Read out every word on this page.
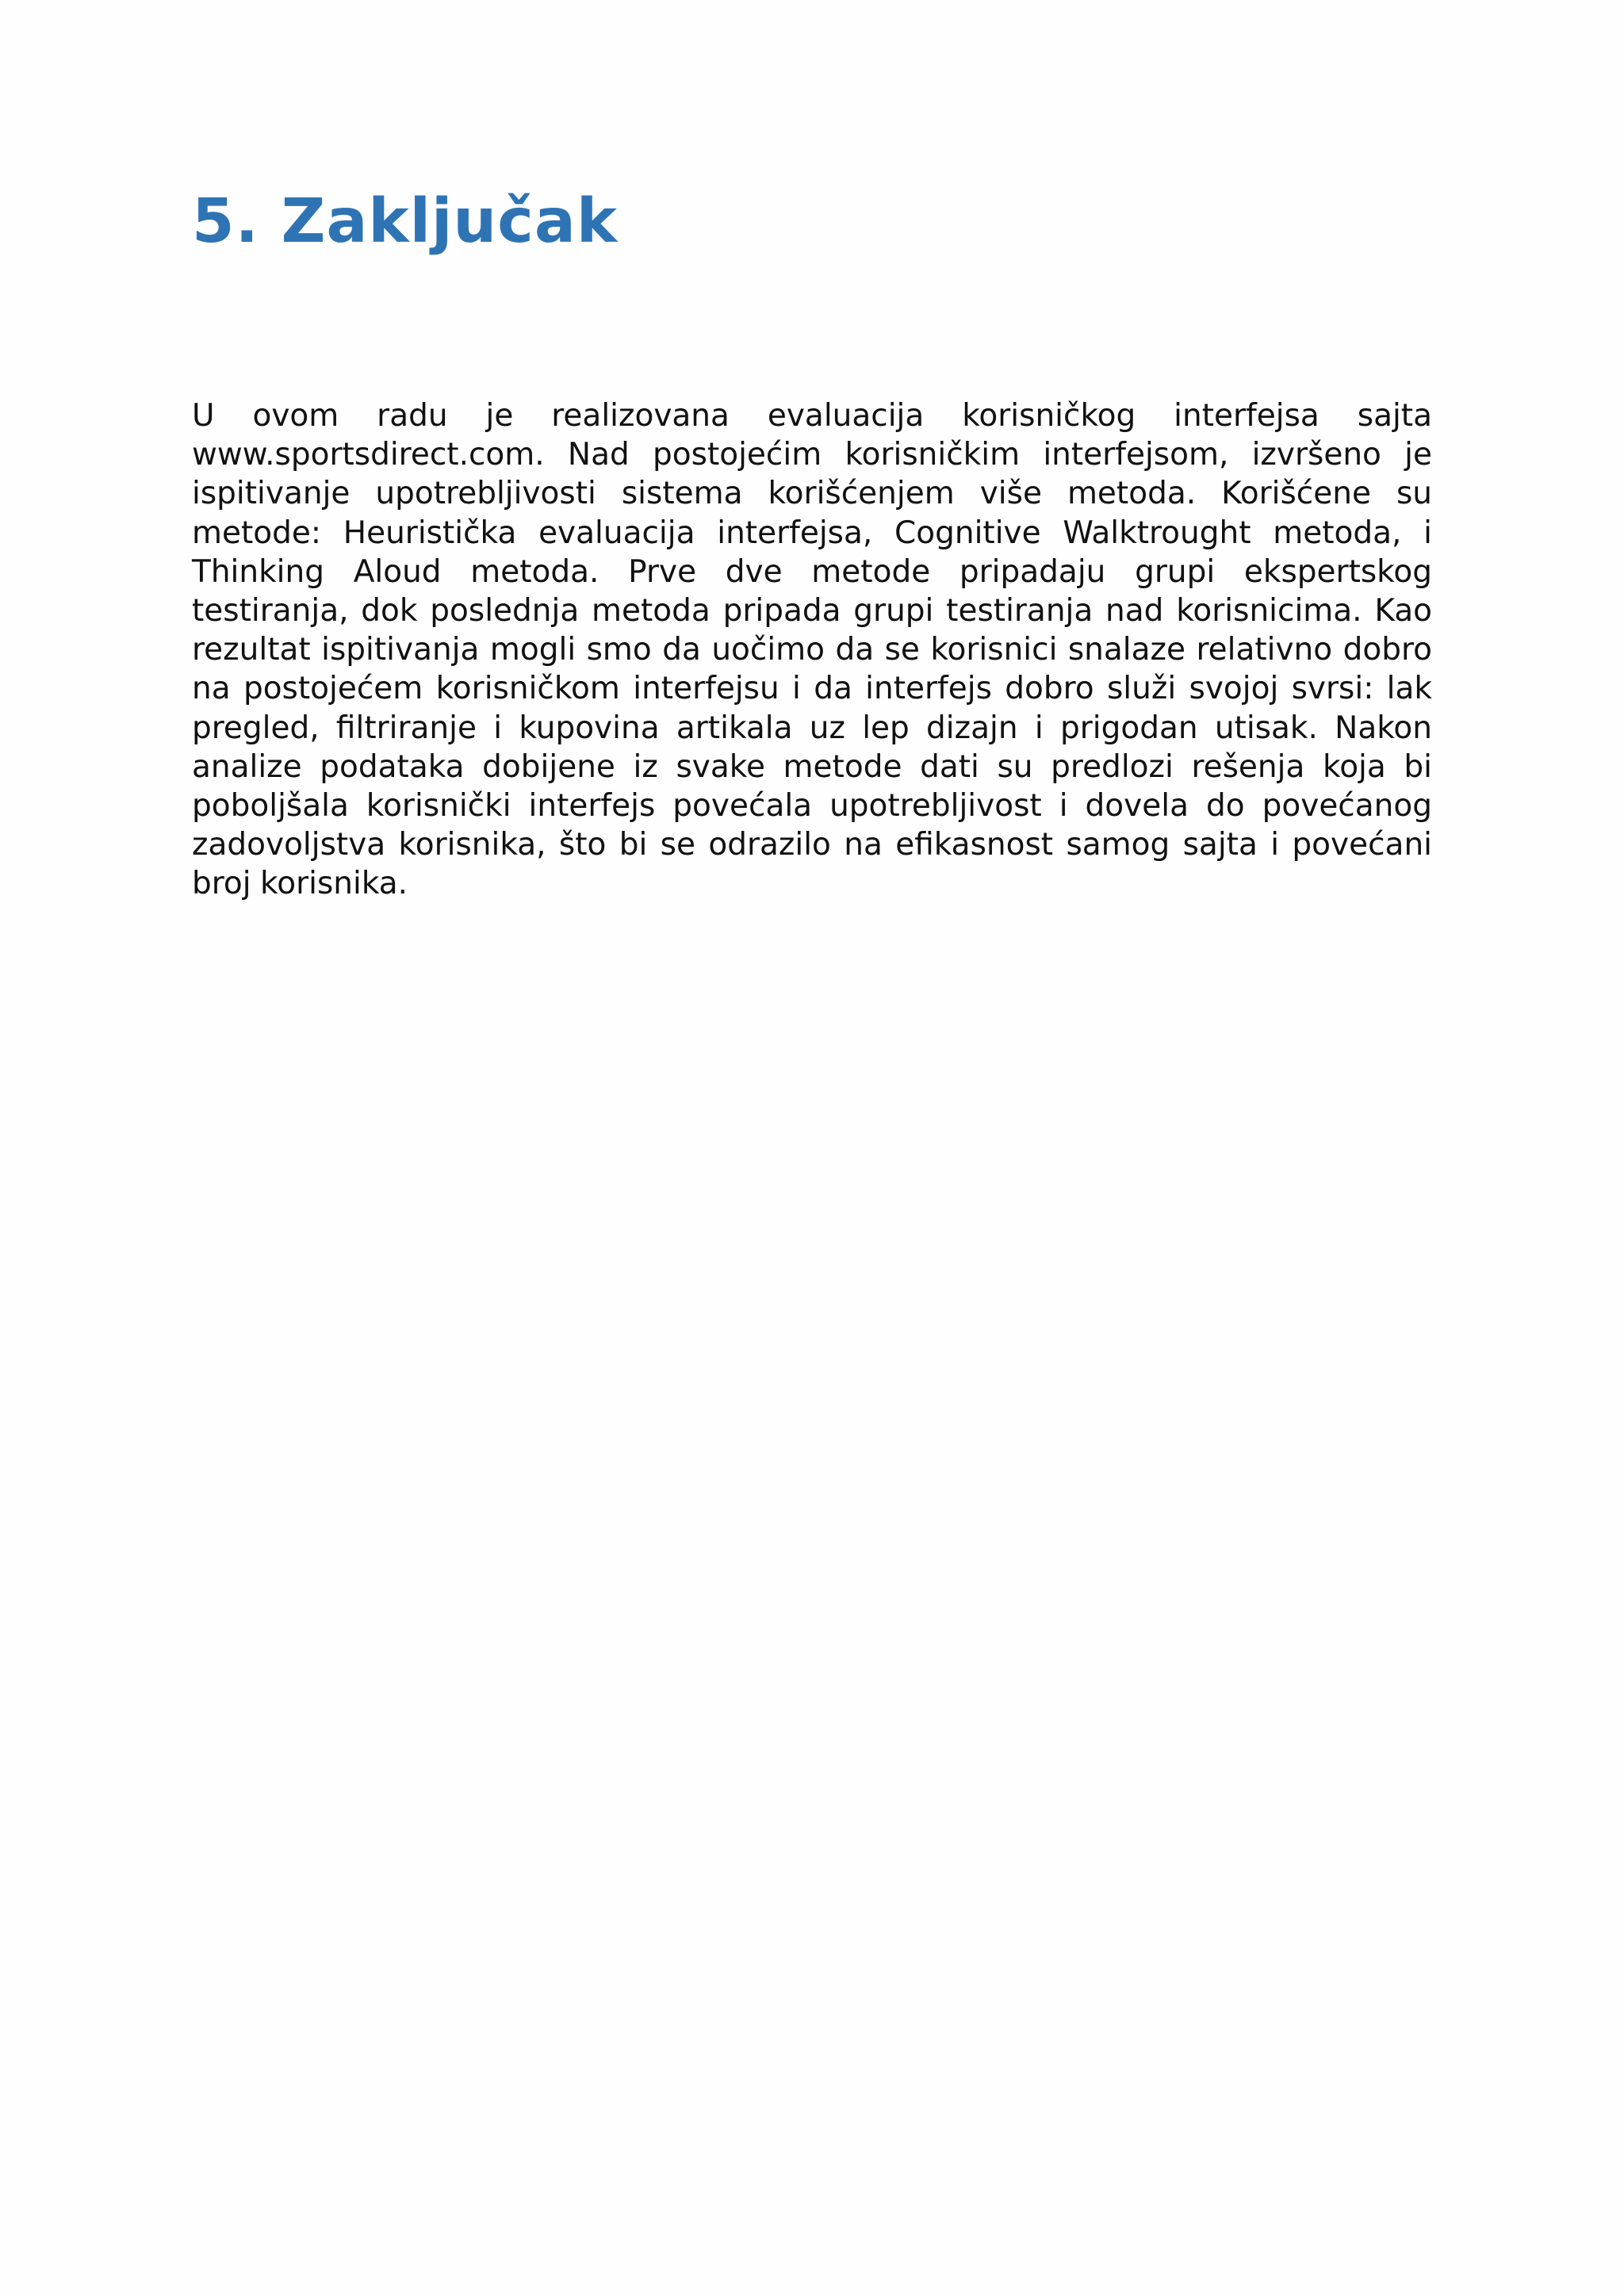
5. Zaključak

U ovom radu je realizovana evaluacija korisničkog interfejsa sajta www.sportsdirect.com. Nad postojećim korisničkim interfejsom, izvršeno je ispitivanje upotrebljivosti sistema korišćenjem više metoda. Korišćene su metode: Heuristička evaluacija interfejsa, Cognitive Walktrought metoda, i Thinking Aloud metoda. Prve dve metode pripadaju grupi ekspertskog testiranja, dok poslednja metoda pripada grupi testiranja nad korisnicima. Kao rezultat ispitivanja mogli smo da uočimo da se korisnici snalaze relativno dobro na postojećem korisničkom interfejsu i da interfejs dobro služi svojoj svrsi: lak pregled, filtriranje i kupovina artikala uz lep dizajn i prigodan utisak. Nakon analize podataka dobijene iz svake metode dati su predlozi rešenja koja bi poboljšala korisnički interfejs povećala upotrebljivost i dovela do povećanog zadovoljstva korisnika, što bi se odrazilo na efikasnost samog sajta i povećani broj korisnika.
